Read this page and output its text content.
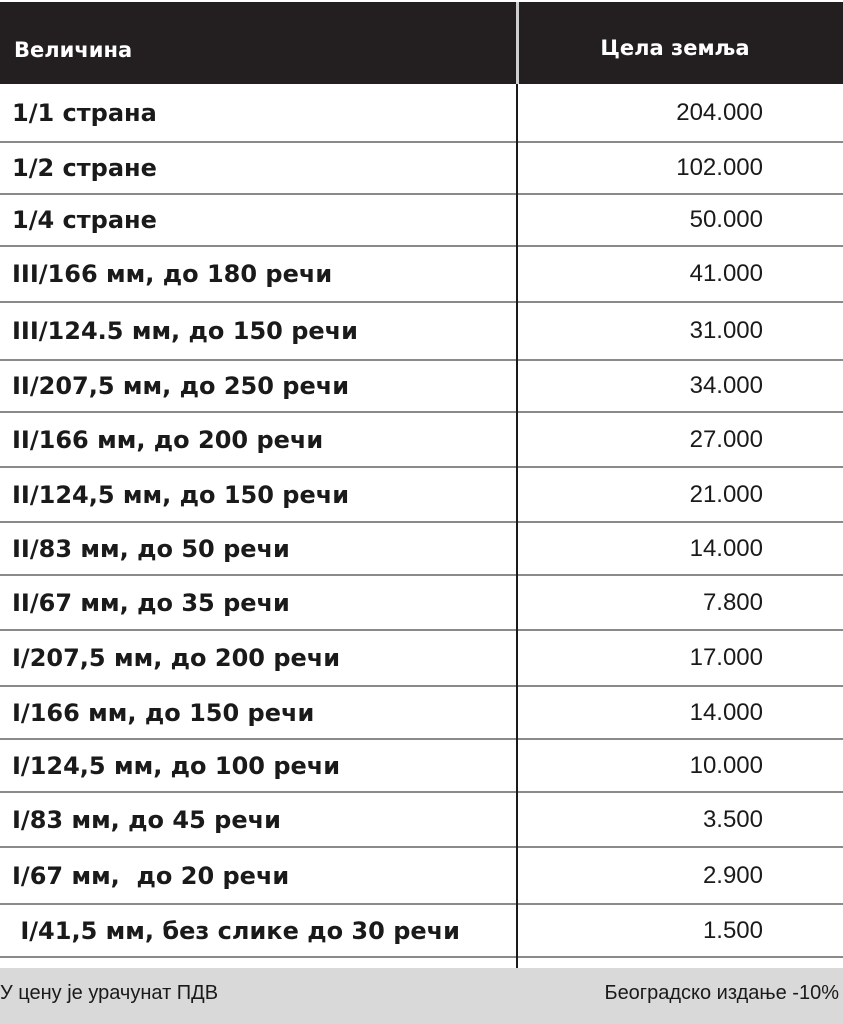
Величина	Цела земља
1/1 страна	204.000
1/2 стране	102.000
1/4 стране	50.000
III/166 мм, до 180 речи	41.000
III/124.5 мм, до 150 речи	31.000
II/207,5 мм, до 250 речи	34.000
II/166 мм, до 200 речи	27.000
II/124,5 мм, до 150 речи	21.000
II/83 мм, до 50 речи	14.000
II/67 мм, до 35 речи	7.800
I/207,5 мм, до 200 речи	17.000
I/166 мм, до 150 речи	14.000
I/124,5 мм, до 100 речи	10.000
I/83 мм, до 45 речи	3.500
I/67 мм,  до 20 речи	2.900
I/41,5 мм, без слике до 30 речи	1.500
У цену је урачунат ПДВ	Београдско издање -10%
